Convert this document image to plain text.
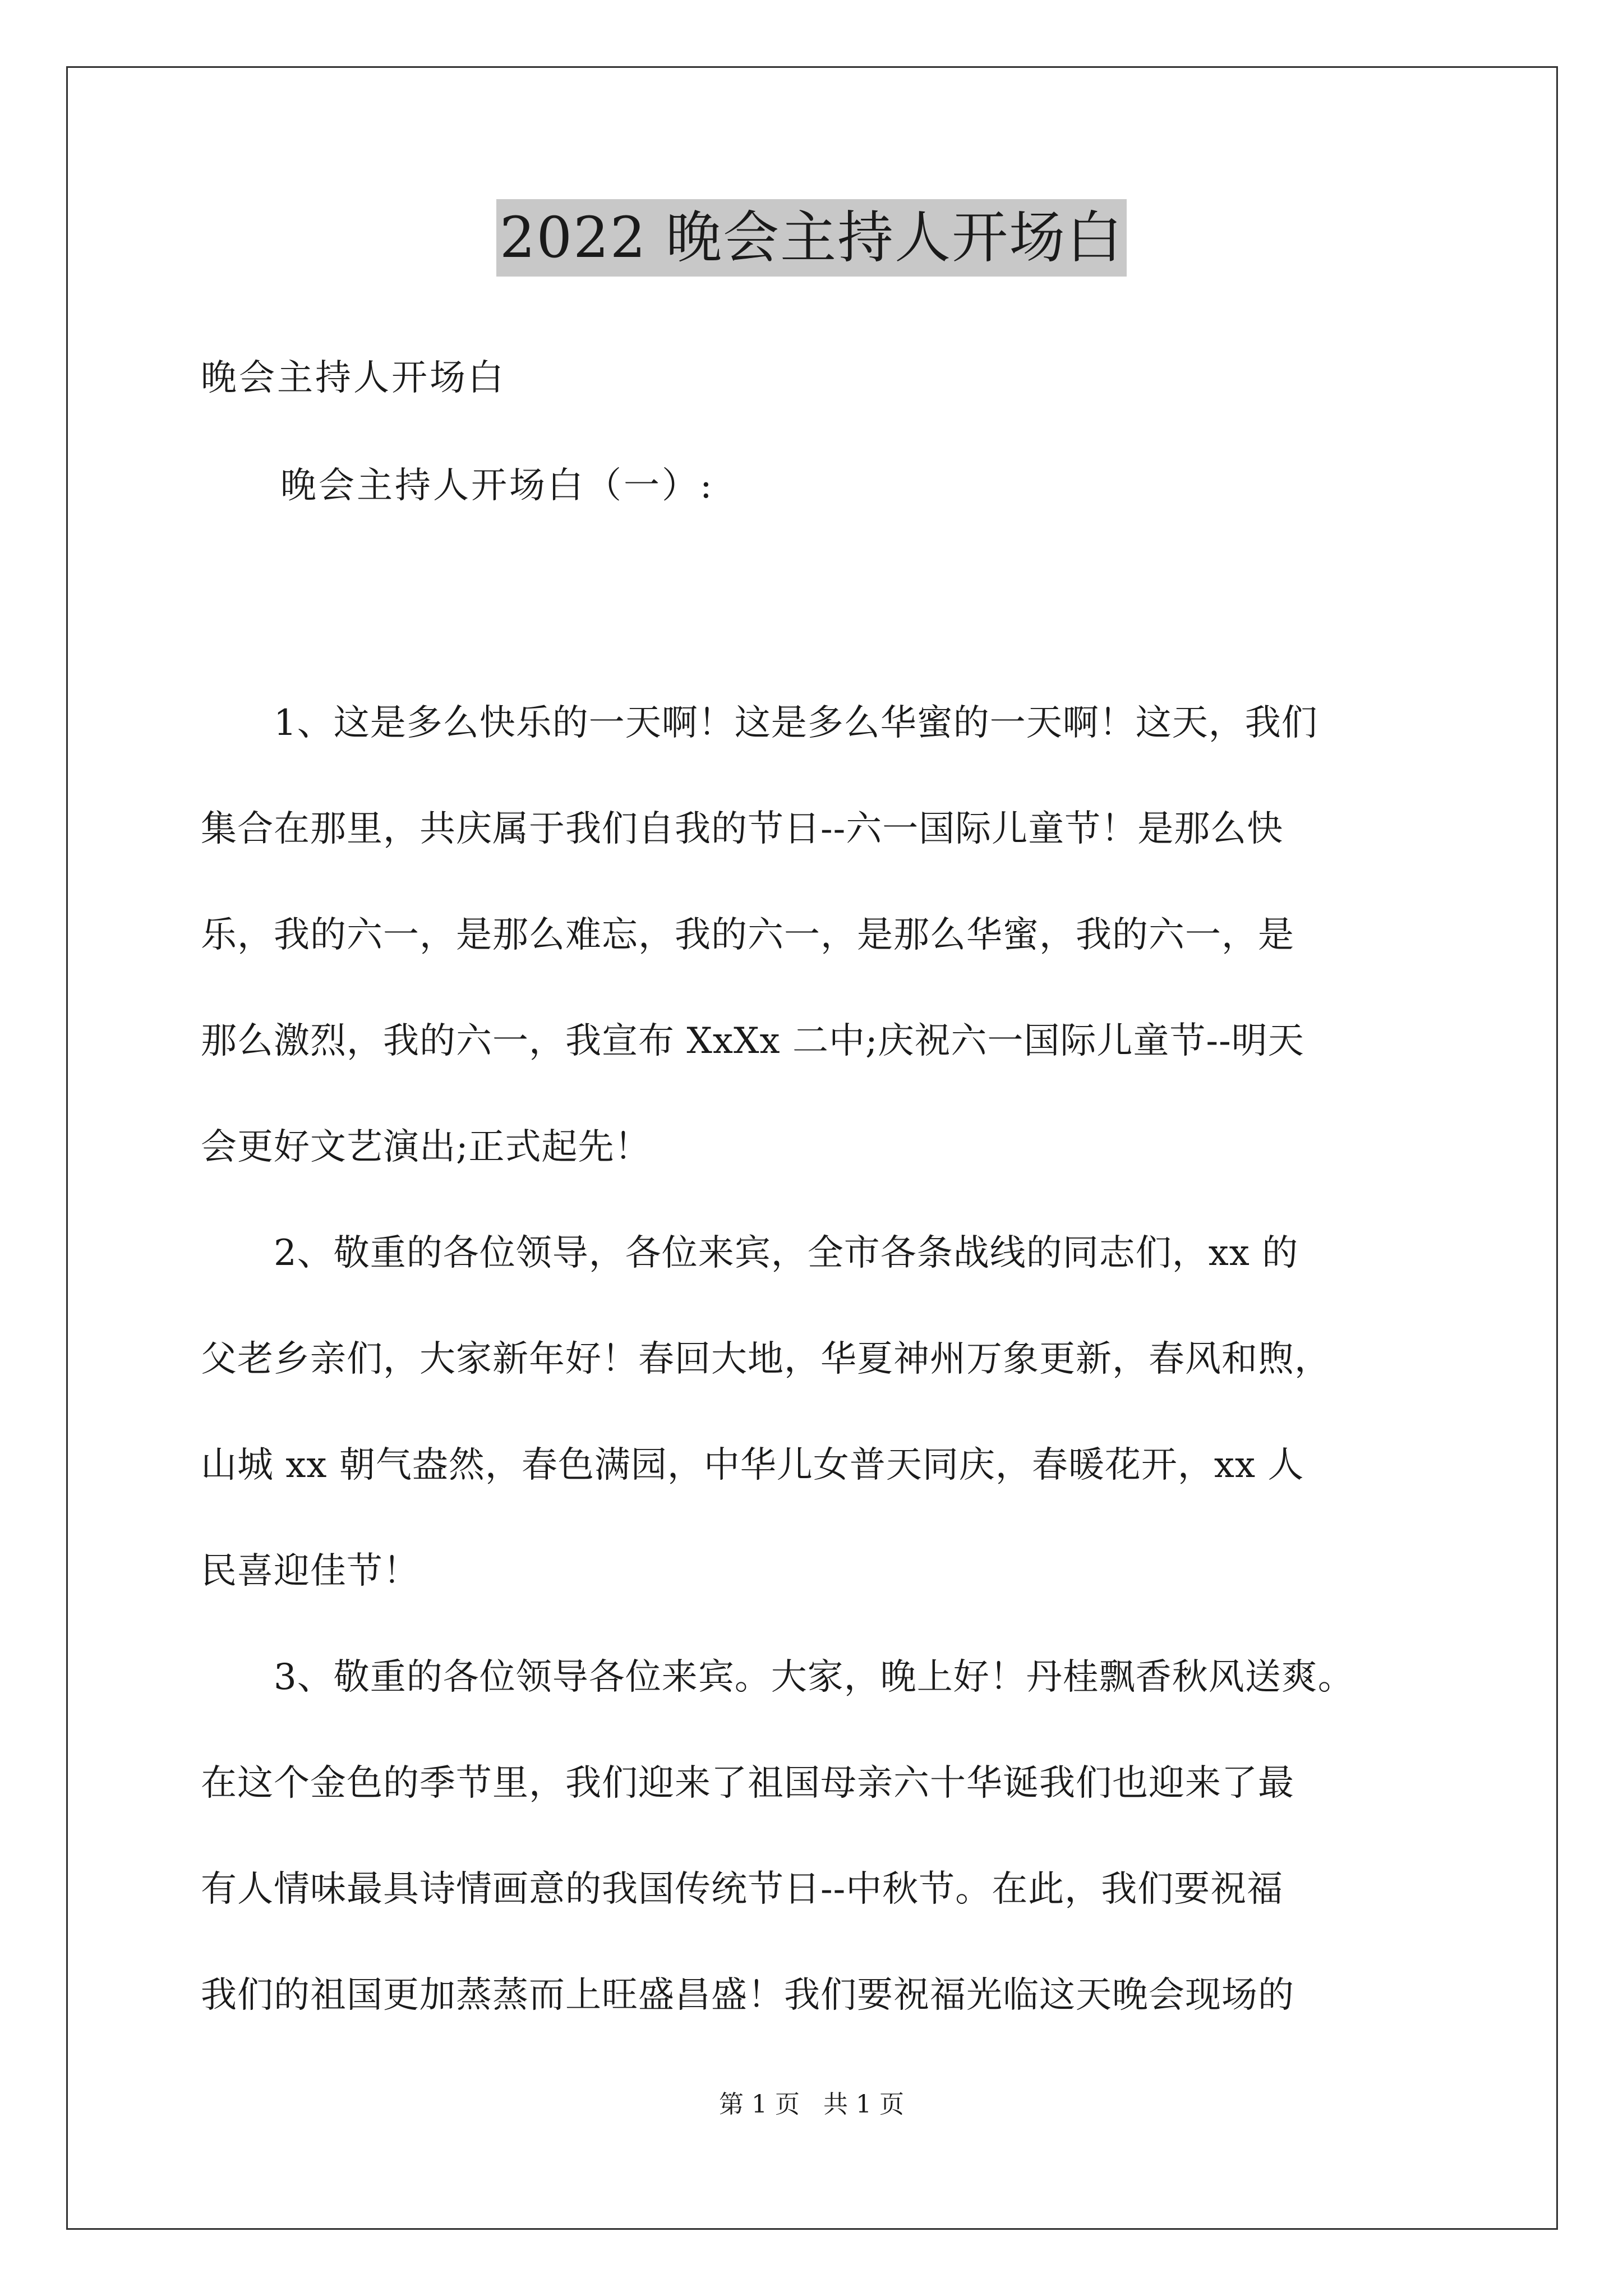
2022 晚会主持人开场白
晚会主持人开场白
晚会主持人开场白（一）:

　　1、这是多么快乐的一天啊！这是多么华蜜的一天啊！这天，我们

集合在那里，共庆属于我们自我的节日--六一国际儿童节！是那么快

乐，我的六一，是那么难忘，我的六一，是那么华蜜，我的六一，是

那么激烈，我的六一，我宣布 XxXx 二中;庆祝六一国际儿童节--明天

会更好文艺演出;正式起先！

　　2、敬重的各位领导，各位来宾，全市各条战线的同志们，xx 的

父老乡亲们，大家新年好！春回大地，华夏神州万象更新，春风和煦，

山城 xx 朝气盎然，春色满园，中华儿女普天同庆，春暖花开，xx 人

民喜迎佳节！

　　3、敬重的各位领导各位来宾。大家，晚上好！丹桂飘香秋风送爽。

在这个金色的季节里，我们迎来了祖国母亲六十华诞我们也迎来了最

有人情味最具诗情画意的我国传统节日--中秋节。在此，我们要祝福

我们的祖国更加蒸蒸而上旺盛昌盛！我们要祝福光临这天晚会现场的

第 1 页 共 1 页
